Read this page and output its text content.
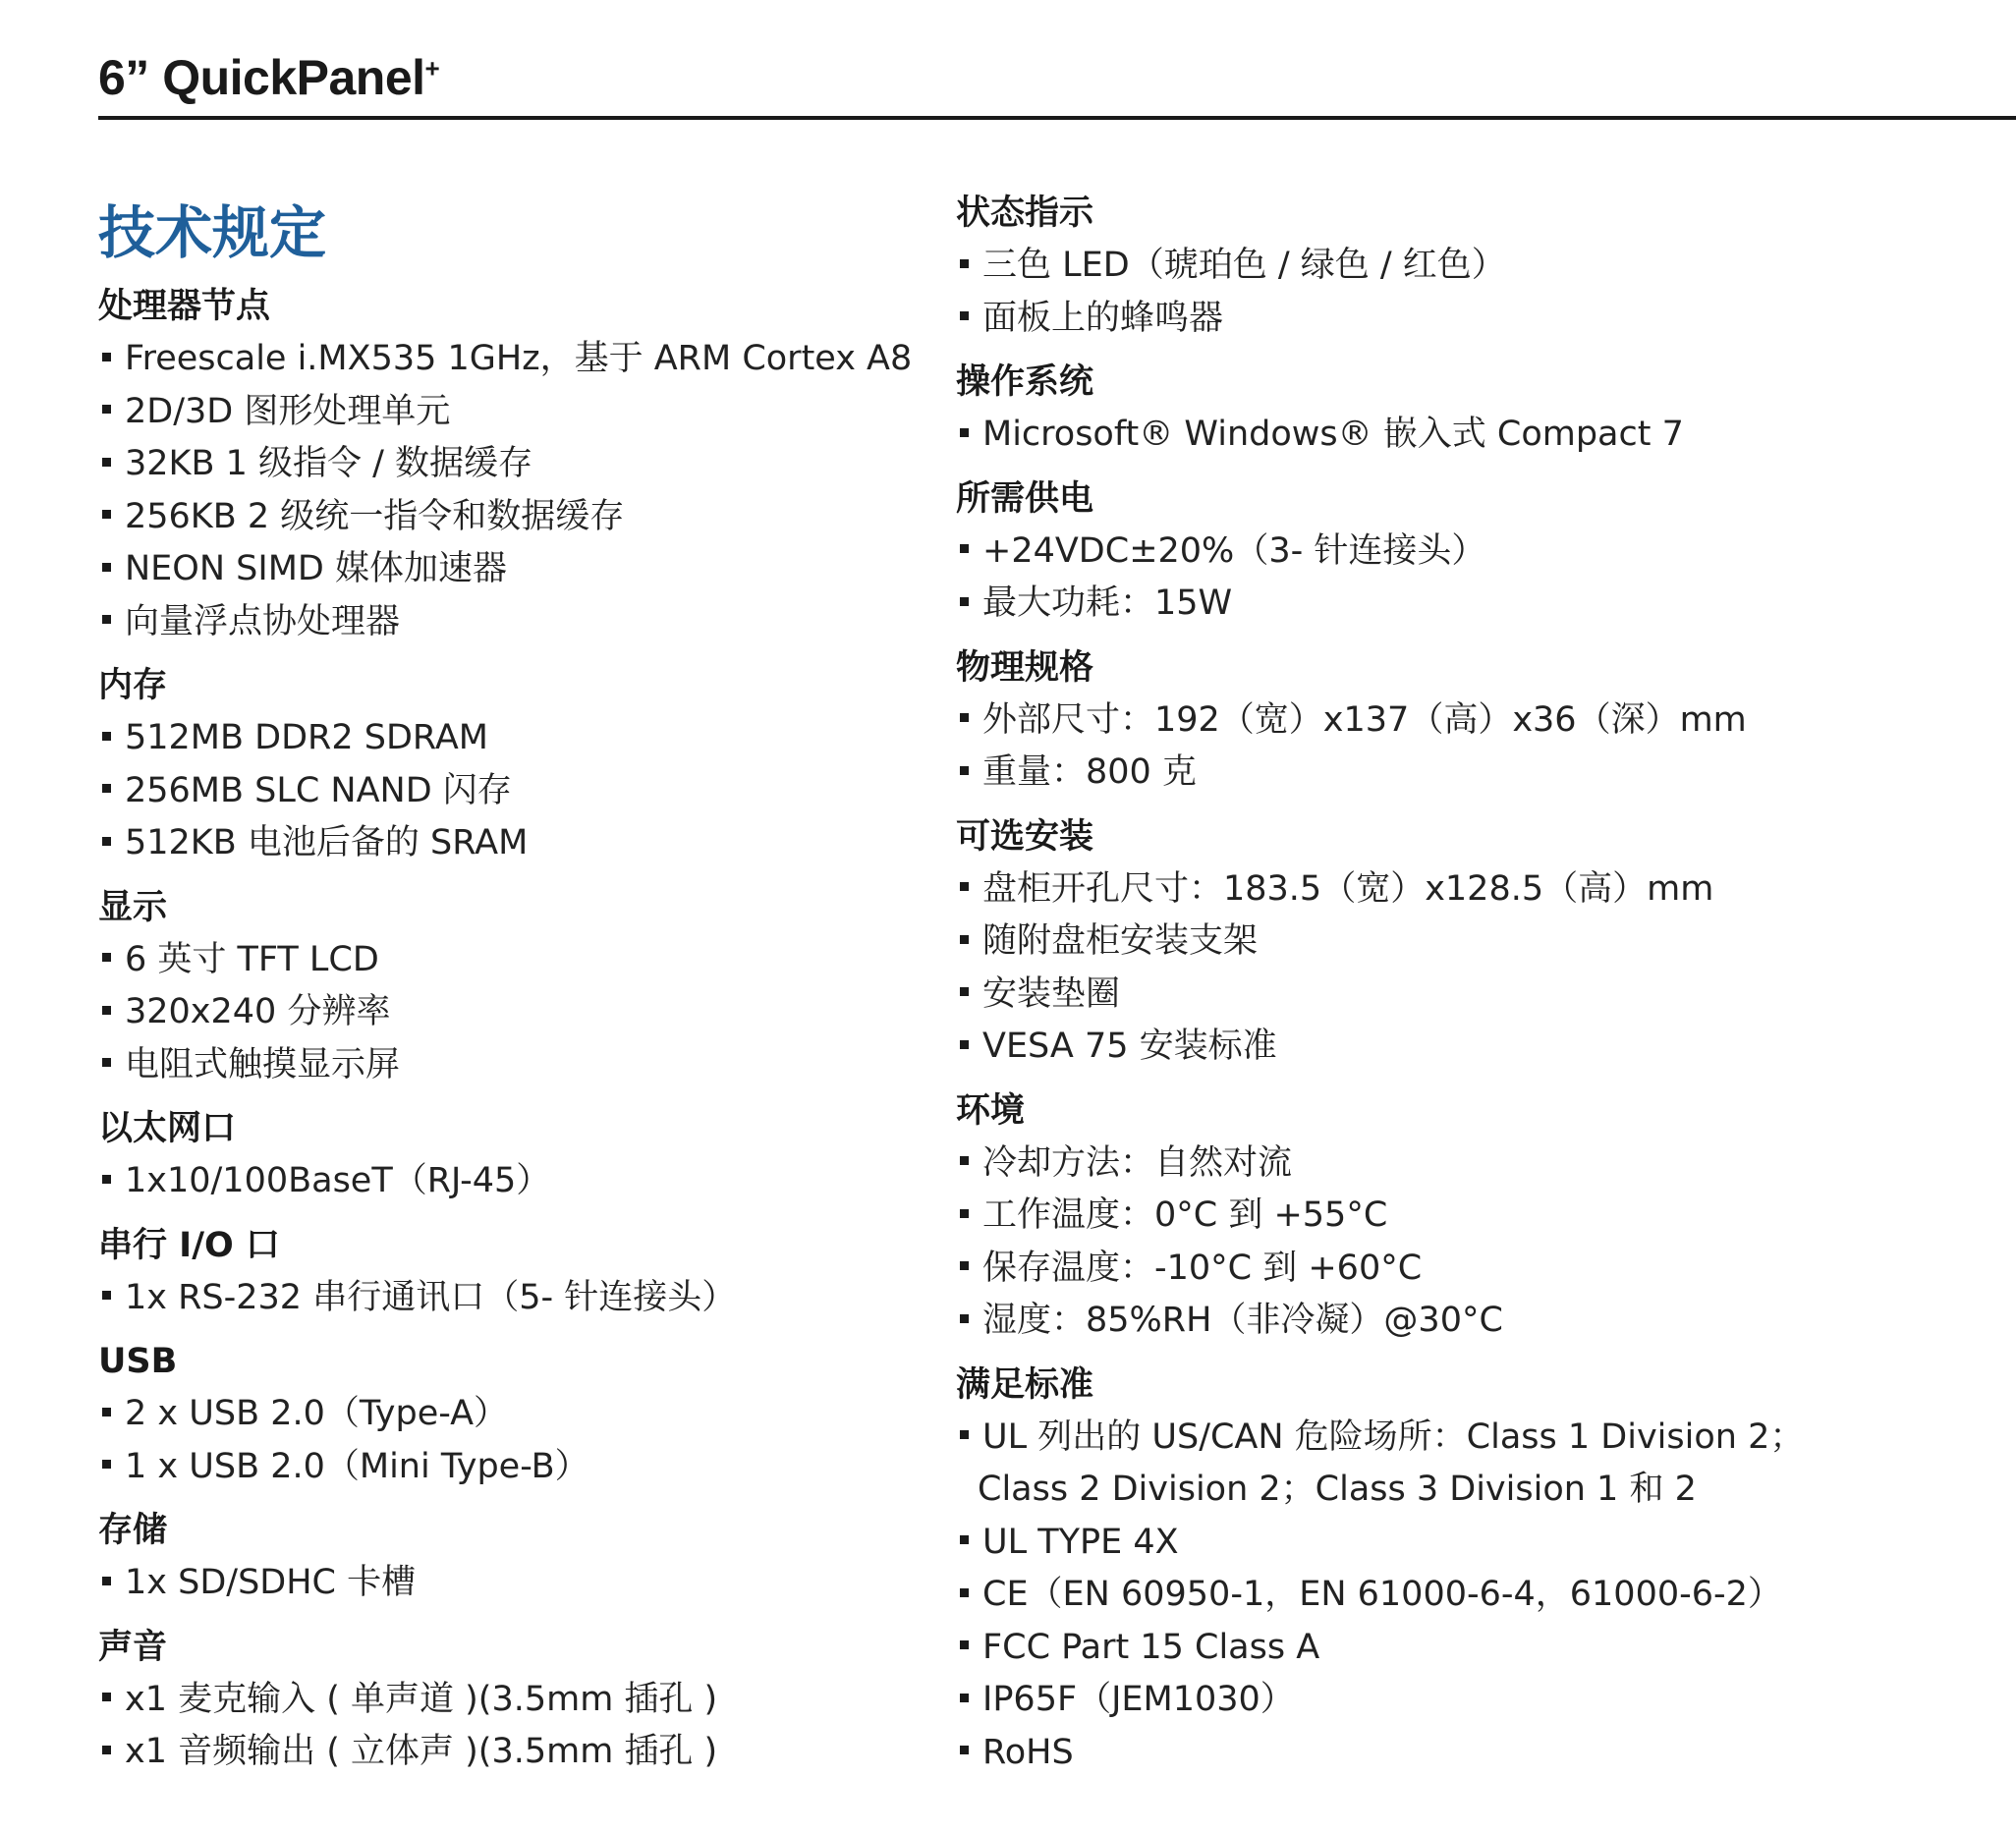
6” QuickPanel+
技术规定
处理器节点
Freescale i.MX535 1GHz，基于 ARM Cortex A8
2D/3D 图形处理单元
32KB 1 级指令 / 数据缓存
256KB 2 级统一指令和数据缓存
NEON SIMD 媒体加速器
向量浮点协处理器
内存
512MB DDR2 SDRAM
256MB SLC NAND 闪存
512KB 电池后备的 SRAM
显示
6 英寸 TFT LCD
320x240 分辨率
电阻式触摸显示屏
以太网口
1x10/100BaseT（RJ-45）
串行 I/O 口
1x RS-232 串行通讯口（5- 针连接头）
USB
2 x USB 2.0（Type-A）
1 x USB 2.0（Mini Type-B）
存储
1x SD/SDHC 卡槽
声音
x1 麦克输入 ( 单声道 )(3.5mm 插孔 )
x1 音频输出 ( 立体声 )(3.5mm 插孔 )
状态指示
三色 LED（琥珀色 / 绿色 / 红色）
面板上的蜂鸣器
操作系统
Microsoft® Windows® 嵌入式 Compact 7
所需供电
+24VDC±20%（3- 针连接头）
最大功耗：15W
物理规格
外部尺寸：192（宽）x137（高）x36（深）mm
重量：800 克
可选安装
盘柜开孔尺寸：183.5（宽）x128.5（高）mm
随附盘柜安装支架
安装垫圈
VESA 75 安装标准
环境
冷却方法：自然对流
工作温度：0°C 到 +55°C
保存温度：-10°C 到 +60°C
湿度：85%RH（非冷凝）@30°C
满足标准
UL 列出的 US/CAN 危险场所：Class 1 Division 2；
Class 2 Division 2；Class 3 Division 1 和 2
UL TYPE 4X
CE（EN 60950-1，EN 61000-6-4，61000-6-2）
FCC Part 15 Class A
IP65F（JEM1030）
RoHS
